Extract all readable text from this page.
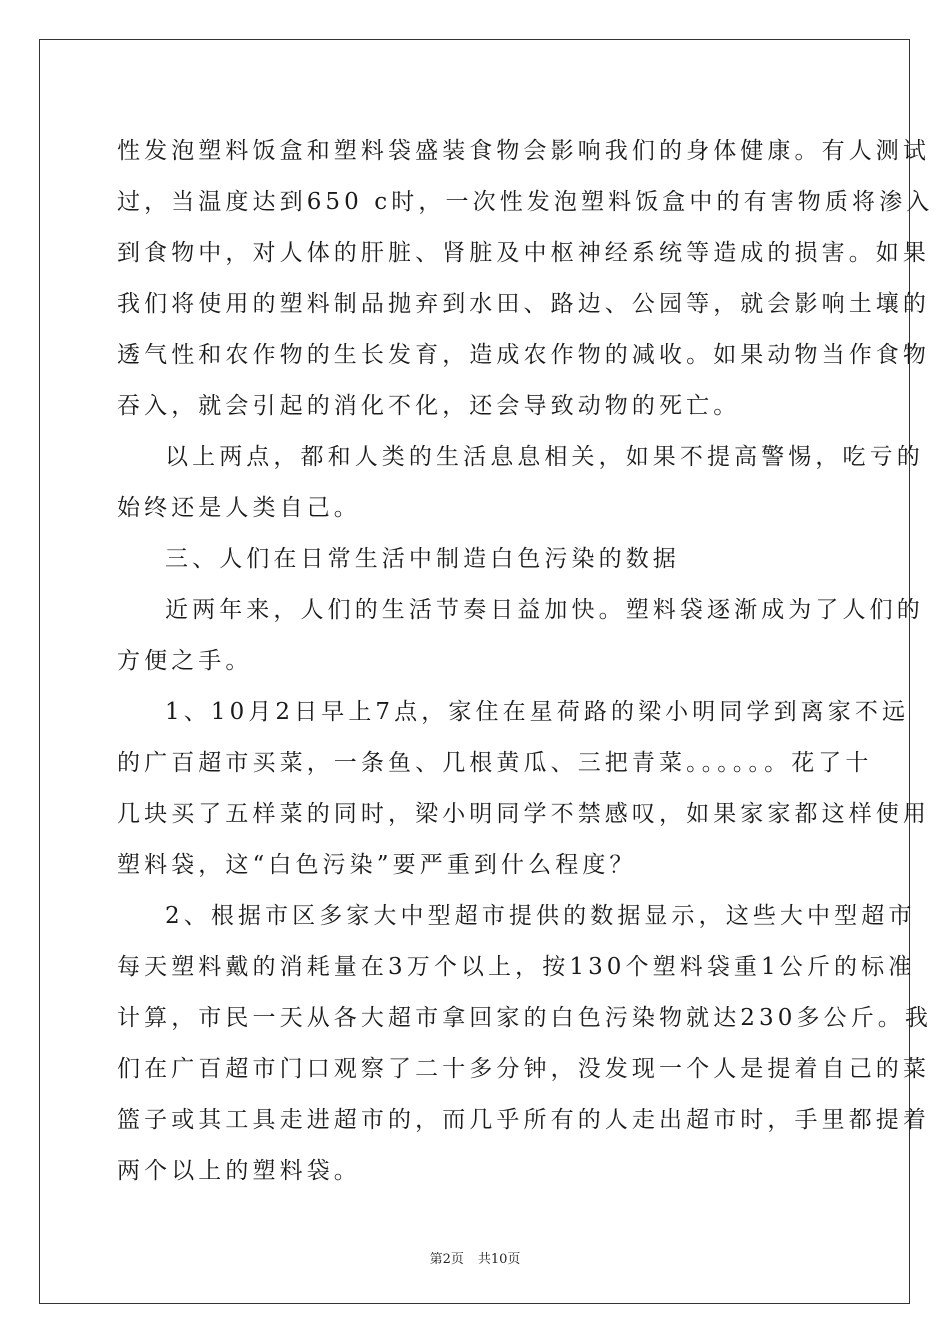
性发泡塑料饭盒和塑料袋盛装食物会影响我们的身体健康。有人测试
过，当温度达到650 c时，一次性发泡塑料饭盒中的有害物质将渗入
到食物中，对人体的肝脏、肾脏及中枢神经系统等造成的损害。如果
我们将使用的塑料制品抛弃到水田、路边、公园等，就会影响土壤的
透气性和农作物的生长发育，造成农作物的减收。如果动物当作食物
吞入，就会引起的消化不化，还会导致动物的死亡。
以上两点，都和人类的生活息息相关，如果不提高警惕，吃亏的
始终还是人类自己。
三、人们在日常生活中制造白色污染的数据
近两年来，人们的生活节奏日益加快。塑料袋逐渐成为了人们的
方便之手。
1、10月2日早上7点，家住在星荷路的梁小明同学到离家不远
的广百超市买菜，一条鱼、几根黄瓜、三把青菜。。。。。。花了十
几块买了五样菜的同时，梁小明同学不禁感叹，如果家家都这样使用
塑料袋，这“白色污染”要严重到什么程度？
2、根据市区多家大中型超市提供的数据显示，这些大中型超市
每天塑料戴的消耗量在3万个以上，按130个塑料袋重1公斤的标准
计算，市民一天从各大超市拿回家的白色污染物就达230多公斤。我
们在广百超市门口观察了二十多分钟，没发现一个人是提着自己的菜
篮子或其工具走进超市的，而几乎所有的人走出超市时，手里都提着
两个以上的塑料袋。
第2页 共10页
